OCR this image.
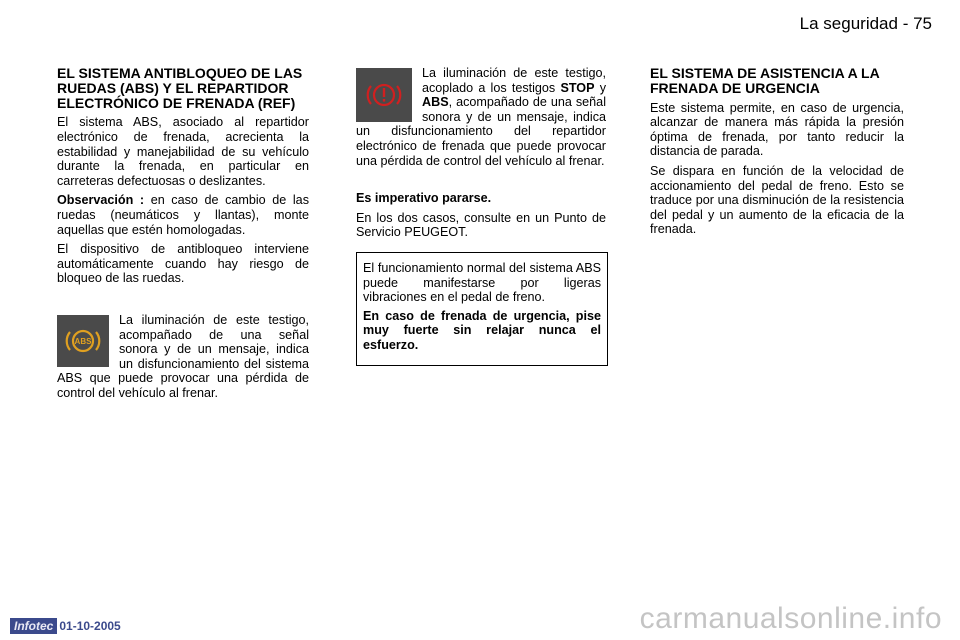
La seguridad - 75

EL SISTEMA ANTIBLOQUEO DE LAS RUEDAS (ABS) Y EL REPARTIDOR ELECTRÓNICO DE FRENADA (REF)

El sistema ABS, asociado al repartidor electrónico de frenada, acrecienta la estabilidad y manejabilidad de su vehículo durante la frenada, en particular en carreteras defectuosas o deslizantes.

Observación : en caso de cambio de las ruedas (neumáticos y llantas), monte aquellas que estén homologadas.

El dispositivo de antibloqueo interviene automáticamente cuando hay riesgo de bloqueo de las ruedas.

ABS

La iluminación de este testigo, acompañado de una señal sonora y de un mensaje, indica un disfuncionamiento del sistema ABS que puede provocar una pérdida de control del vehículo al frenar.

La iluminación de este testigo, acoplado a los testigos STOP y ABS, acompañado de una señal sonora y de un mensaje, indica un disfuncionamiento del repartidor electrónico de frenada que puede provocar una pérdida de control del vehículo al frenar.

Es imperativo pararse.

En los dos casos, consulte en un Punto de Servicio PEUGEOT.

El funcionamiento normal del sistema ABS puede manifestarse por ligeras vibraciones en el pedal de freno.

En caso de frenada de urgencia, pise muy fuerte sin relajar nunca el esfuerzo.

EL SISTEMA DE ASISTENCIA A LA FRENADA DE URGENCIA

Este sistema permite, en caso de urgencia, alcanzar de manera más rápida la presión óptima de frenada, por tanto reducir la distancia de parada.

Se dispara en función de la velocidad de accionamiento del pedal de freno. Esto se traduce por una disminución de la resistencia del pedal y un aumento de la eficacia de la frenada.

Infotec 01-10-2005	carmanualsonline.info
